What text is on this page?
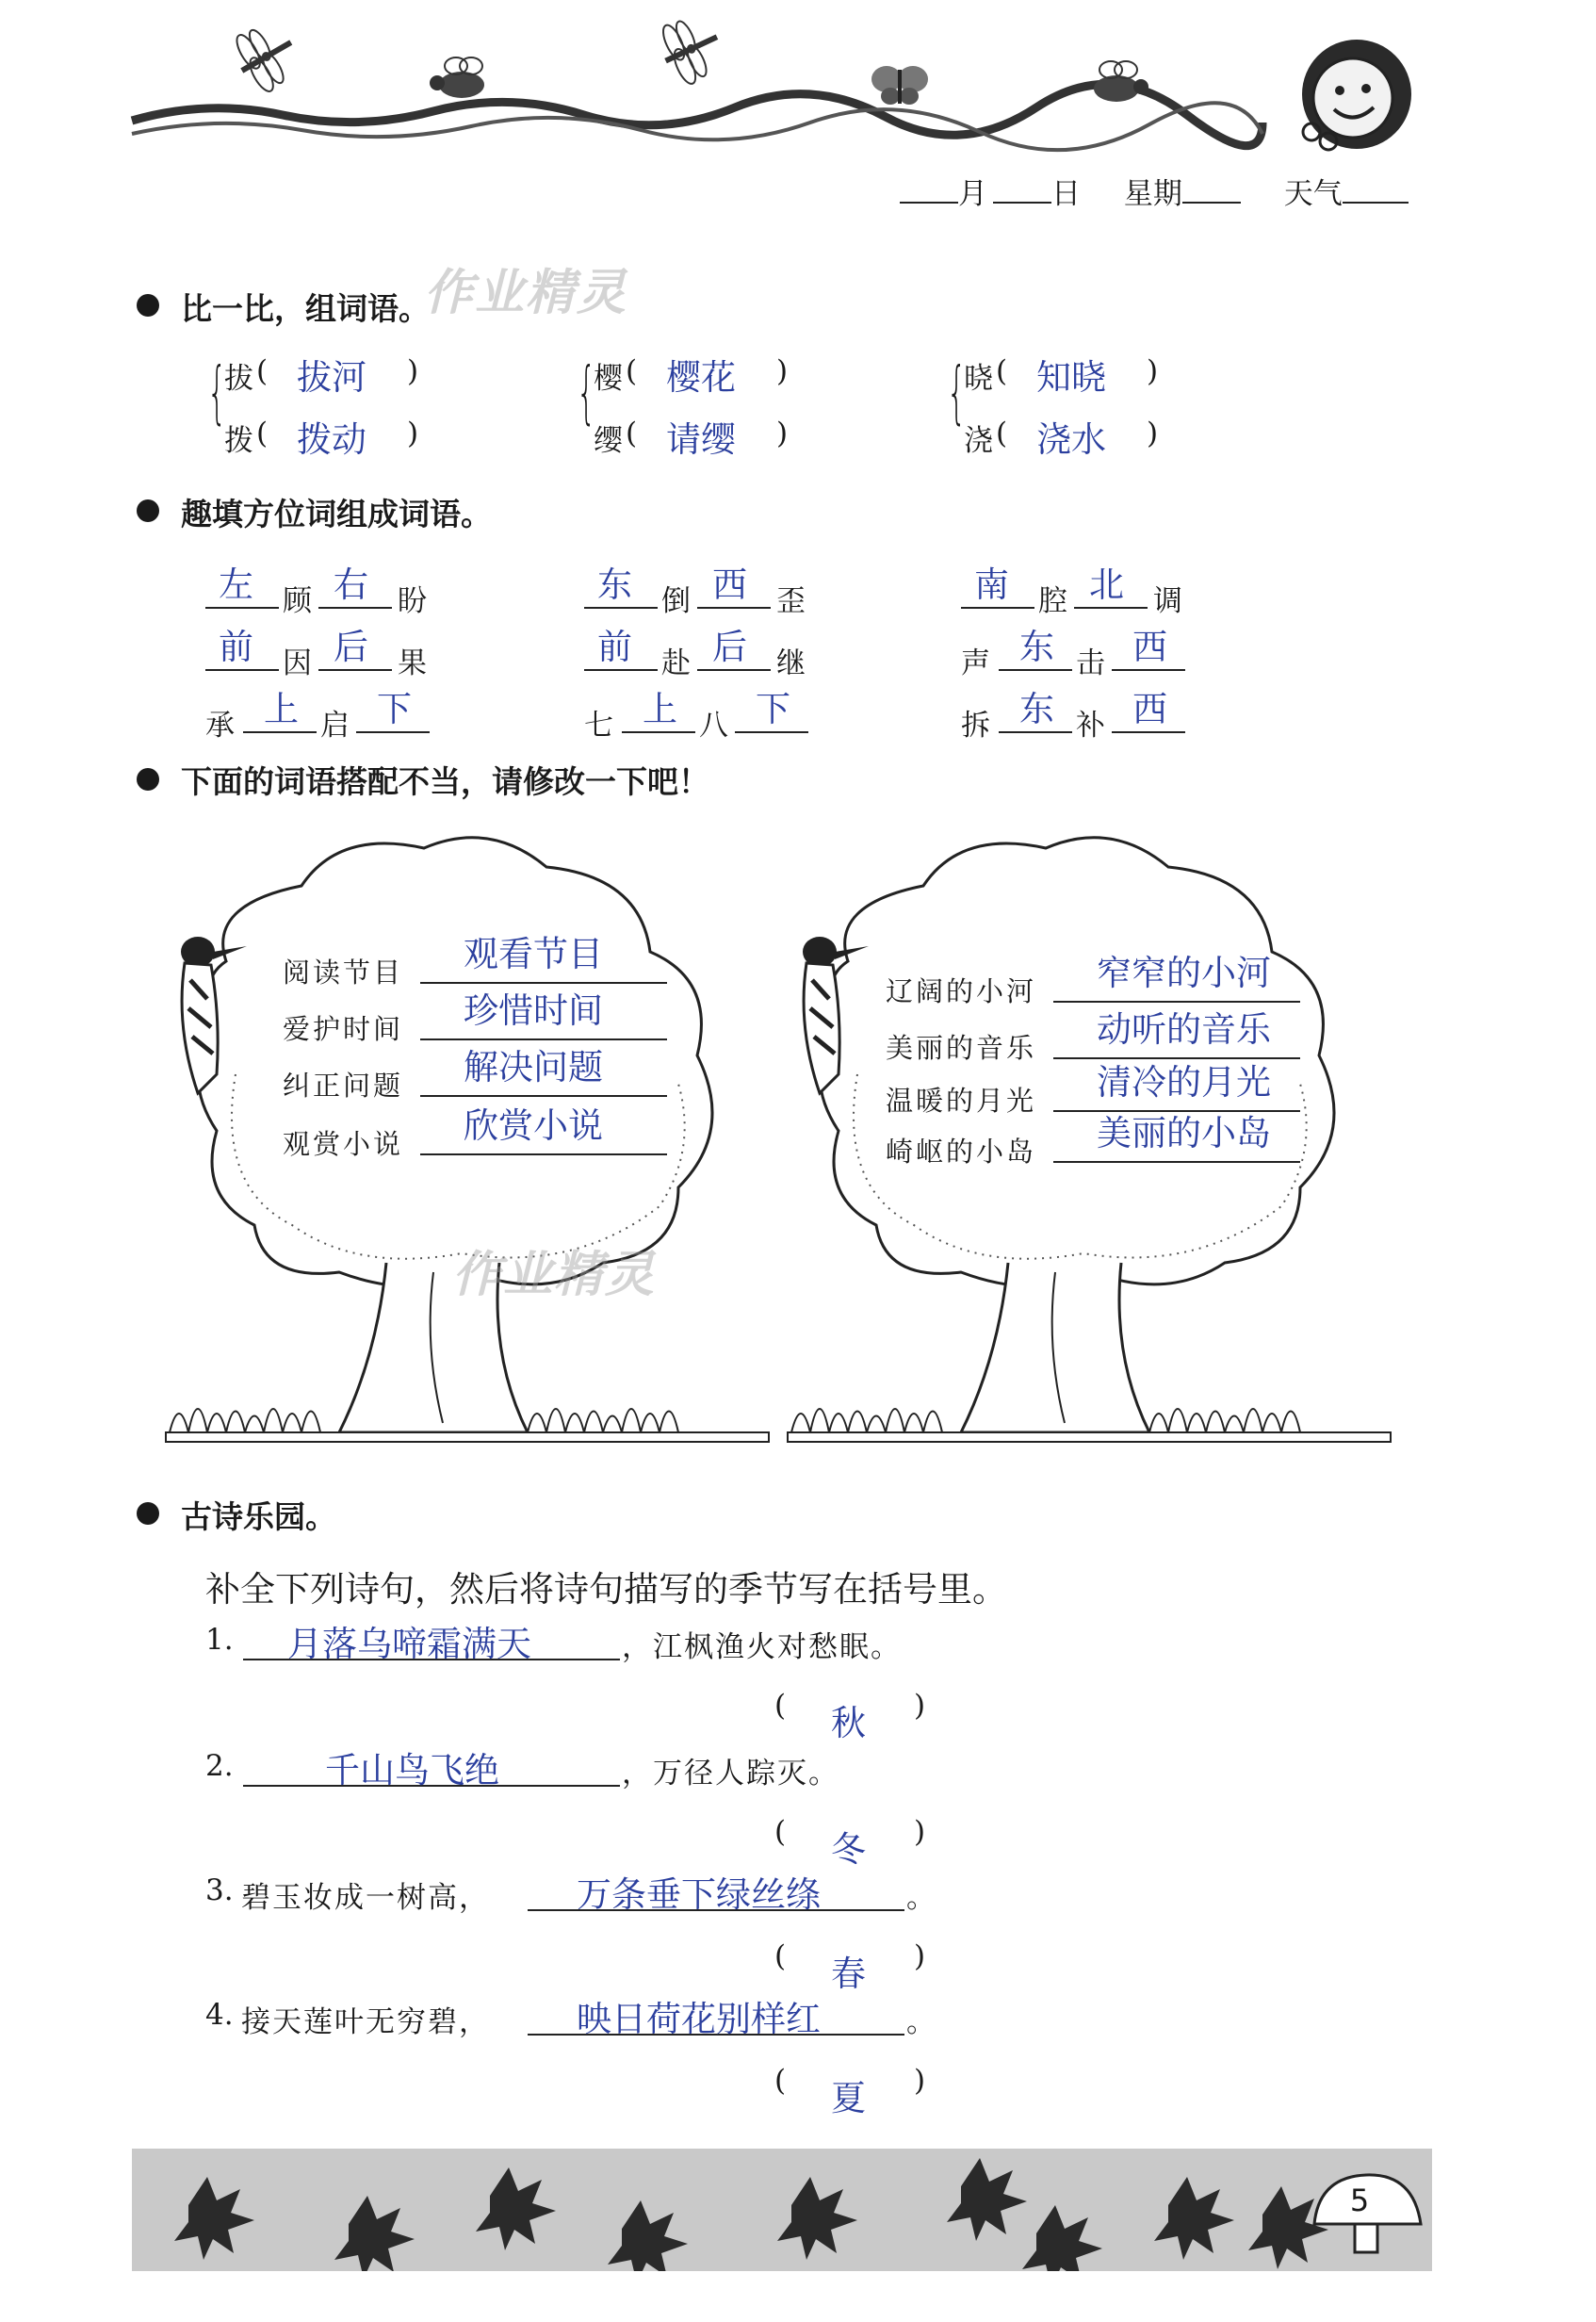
月 日 星期	天气
比一比，组词语。
作业精灵
{
拔 ( 拔河 )
拨 ( 拨动 )
{
樱 ( 樱花 )
缨 ( 请缨 )
{
晓 ( 知晓 )
浇 ( 浇水 )
趣填方位词组成词语。
左 顾 右 盼	东 倒 西 歪	南 腔 北 调
前 因 后 果	前 赴 后 继	声 东 击 西
承 上 启 下	七 上 八 下	拆 东 补 西
下面的词语搭配不当，请修改一下吧！
作业精灵
阅读节目 观看节目
爱护时间 珍惜时间
纠正问题 解决问题
观赏小说 欣赏小说
辽阔的小河 窄窄的小河
美丽的音乐 动听的音乐
温暖的月光 清冷的月光
崎岖的小岛 美丽的小岛
古诗乐园。
补全下列诗句，然后将诗句描写的季节写在括号里。
1. 月落乌啼霜满天	，江枫渔火对愁眠。
( 秋 )
2.	千山鸟飞绝	，万径人踪灭。
( 冬 )
3. 碧玉妆成一树高， 万条垂下绿丝绦	。
( 春 )
4. 接天莲叶无穷碧， 映日荷花别样红	。
( 夏 )
5
